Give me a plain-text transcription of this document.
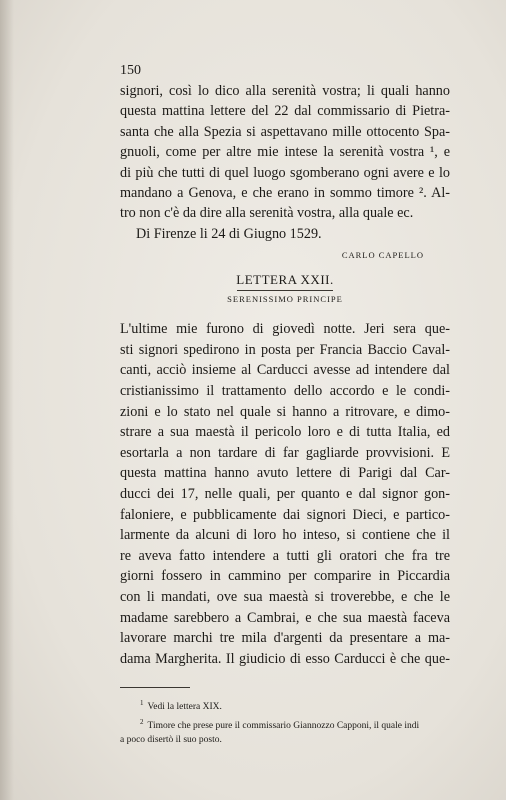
150
signori, così lo dico alla serenità vostra; li quali hanno
questa mattina lettere del 22 dal commissario di Pietra-
santa che alla Spezia si aspettavano mille ottocento Spa-
gnuoli, come per altre mie intese la serenità vostra ¹, e
di più che tutti di quel luogo sgomberano ogni avere e lo
mandano a Genova, e che erano in sommo timore ². Al-
tro non c'è da dire alla serenità vostra, alla quale ec.
Di Firenze li 24 di Giugno 1529.
CARLO CAPELLO
LETTERA XXII.
SERENISSIMO PRINCIPE
L'ultime mie furono di giovedì notte. Jeri sera que-
sti signori spedirono in posta per Francia Baccio Caval-
canti, acciò insieme al Carducci avesse ad intendere dal
cristianissimo il trattamento dello accordo e le condi-
zioni e lo stato nel quale si hanno a ritrovare, e dimo-
strare a sua maestà il pericolo loro e di tutta Italia, ed
esortarla a non tardare di far gagliarde provvisioni. E
questa mattina hanno avuto lettere di Parigi dal Car-
ducci dei 17, nelle quali, per quanto e dal signor gon-
faloniere, e pubblicamente dai signori Dieci, e partico-
larmente da alcuni di loro ho inteso, si contiene che il
re aveva fatto intendere a tutti gli oratori che fra tre
giorni fossero in cammino per comparire in Piccardia
con li mandati, ove sua maestà si troverebbe, e che le
madame sarebbero a Cambrai, e che sua maestà faceva
lavorare marchi tre mila d'argenti da presentare a ma-
dama Margherita. Il giudicio di esso Carducci è che que-
$^1$ Vedi la lettera XIX.
$^2$ Timore che prese pure il commissario Giannozzo Capponi, il quale indi
a poco disertò il suo posto.
